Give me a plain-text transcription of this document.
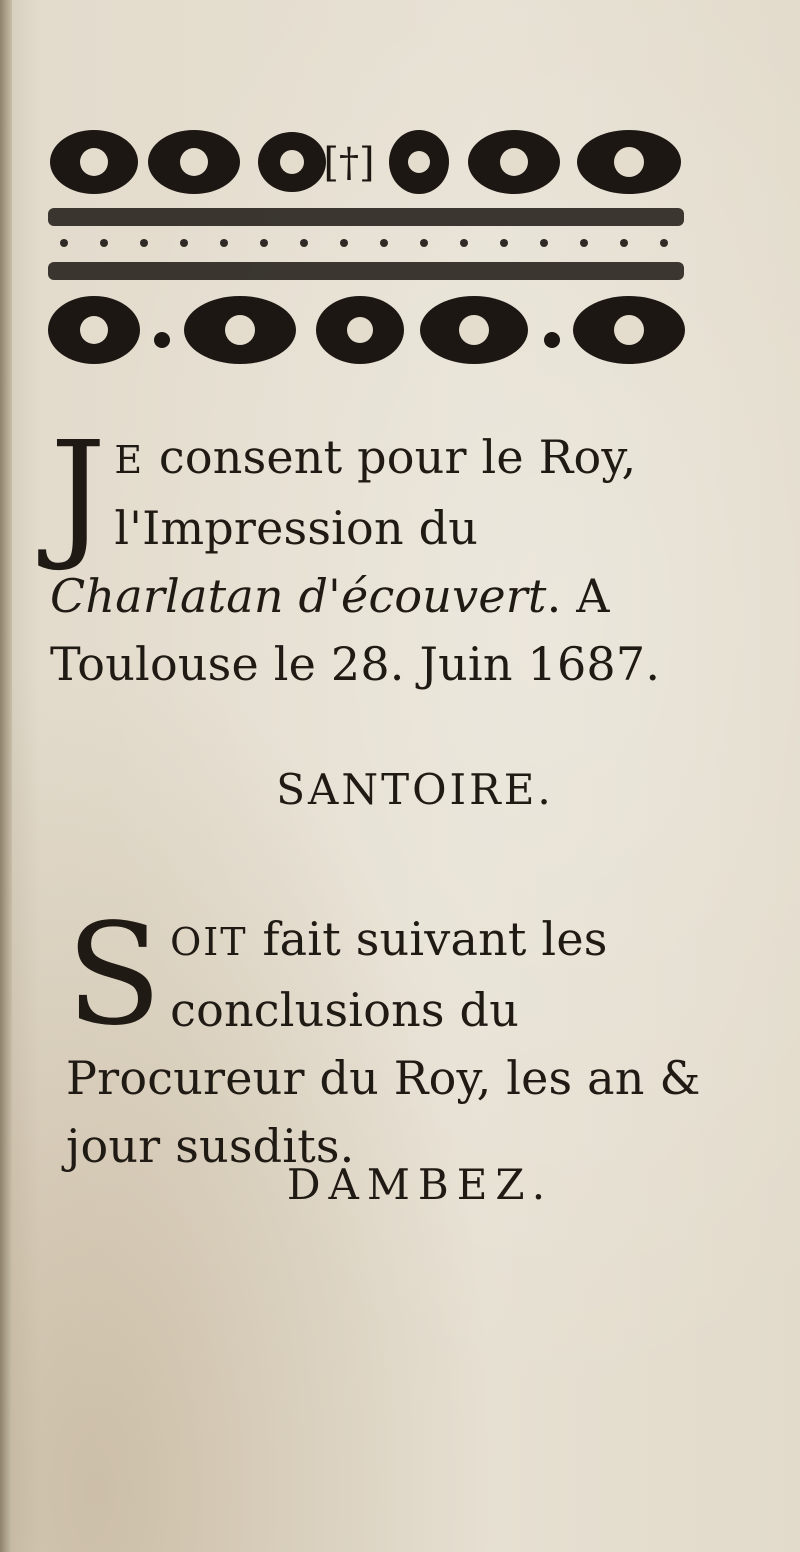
[†]

J E consent pour le Roy, l'Impression du Charlatan d'écouvert. A Toulouse le 28. Juin 1687.

SANTOIRE.

SOIT fait suivant les conclusions du Procureur du Roy, les an & jour susdits.

DAMBEZ.
